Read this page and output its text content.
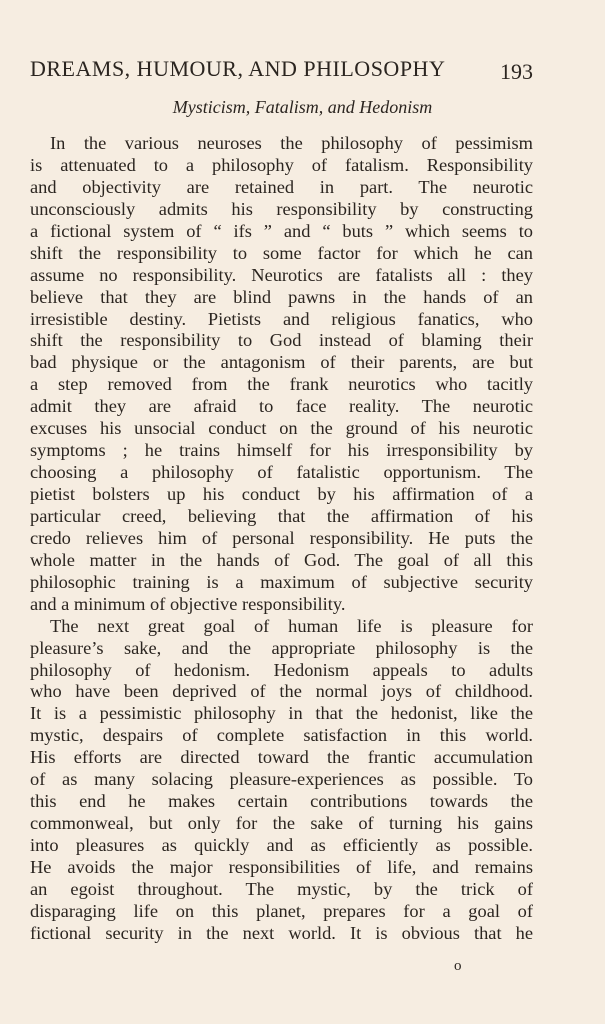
DREAMS, HUMOUR, AND PHILOSOPHY	193
Mysticism, Fatalism, and Hedonism
In the various neuroses the philosophy of pessimism
is attenuated to a philosophy of fatalism. Responsibility
and objectivity are retained in part. The neurotic
unconsciously admits his responsibility by constructing
a fictional system of “ ifs ” and “ buts ” which seems to
shift the responsibility to some factor for which he can
assume no responsibility. Neurotics are fatalists all : they
believe that they are blind pawns in the hands of an
irresistible destiny. Pietists and religious fanatics, who
shift the responsibility to God instead of blaming their
bad physique or the antagonism of their parents, are but
a step removed from the frank neurotics who tacitly
admit they are afraid to face reality. The neurotic
excuses his unsocial conduct on the ground of his neurotic
symptoms ; he trains himself for his irresponsibility by
choosing a philosophy of fatalistic opportunism. The
pietist bolsters up his conduct by his affirmation of a
particular creed, believing that the affirmation of his
credo relieves him of personal responsibility. He puts the
whole matter in the hands of God. The goal of all this
philosophic training is a maximum of subjective security
and a minimum of objective responsibility.
The next great goal of human life is pleasure for
pleasure’s sake, and the appropriate philosophy is the
philosophy of hedonism. Hedonism appeals to adults
who have been deprived of the normal joys of childhood.
It is a pessimistic philosophy in that the hedonist, like the
mystic, despairs of complete satisfaction in this world.
His efforts are directed toward the frantic accumulation
of as many solacing pleasure-experiences as possible. To
this end he makes certain contributions towards the
commonweal, but only for the sake of turning his gains
into pleasures as quickly and as efficiently as possible.
He avoids the major responsibilities of life, and remains
an egoist throughout. The mystic, by the trick of
disparaging life on this planet, prepares for a goal of
fictional security in the next world. It is obvious that he
o
